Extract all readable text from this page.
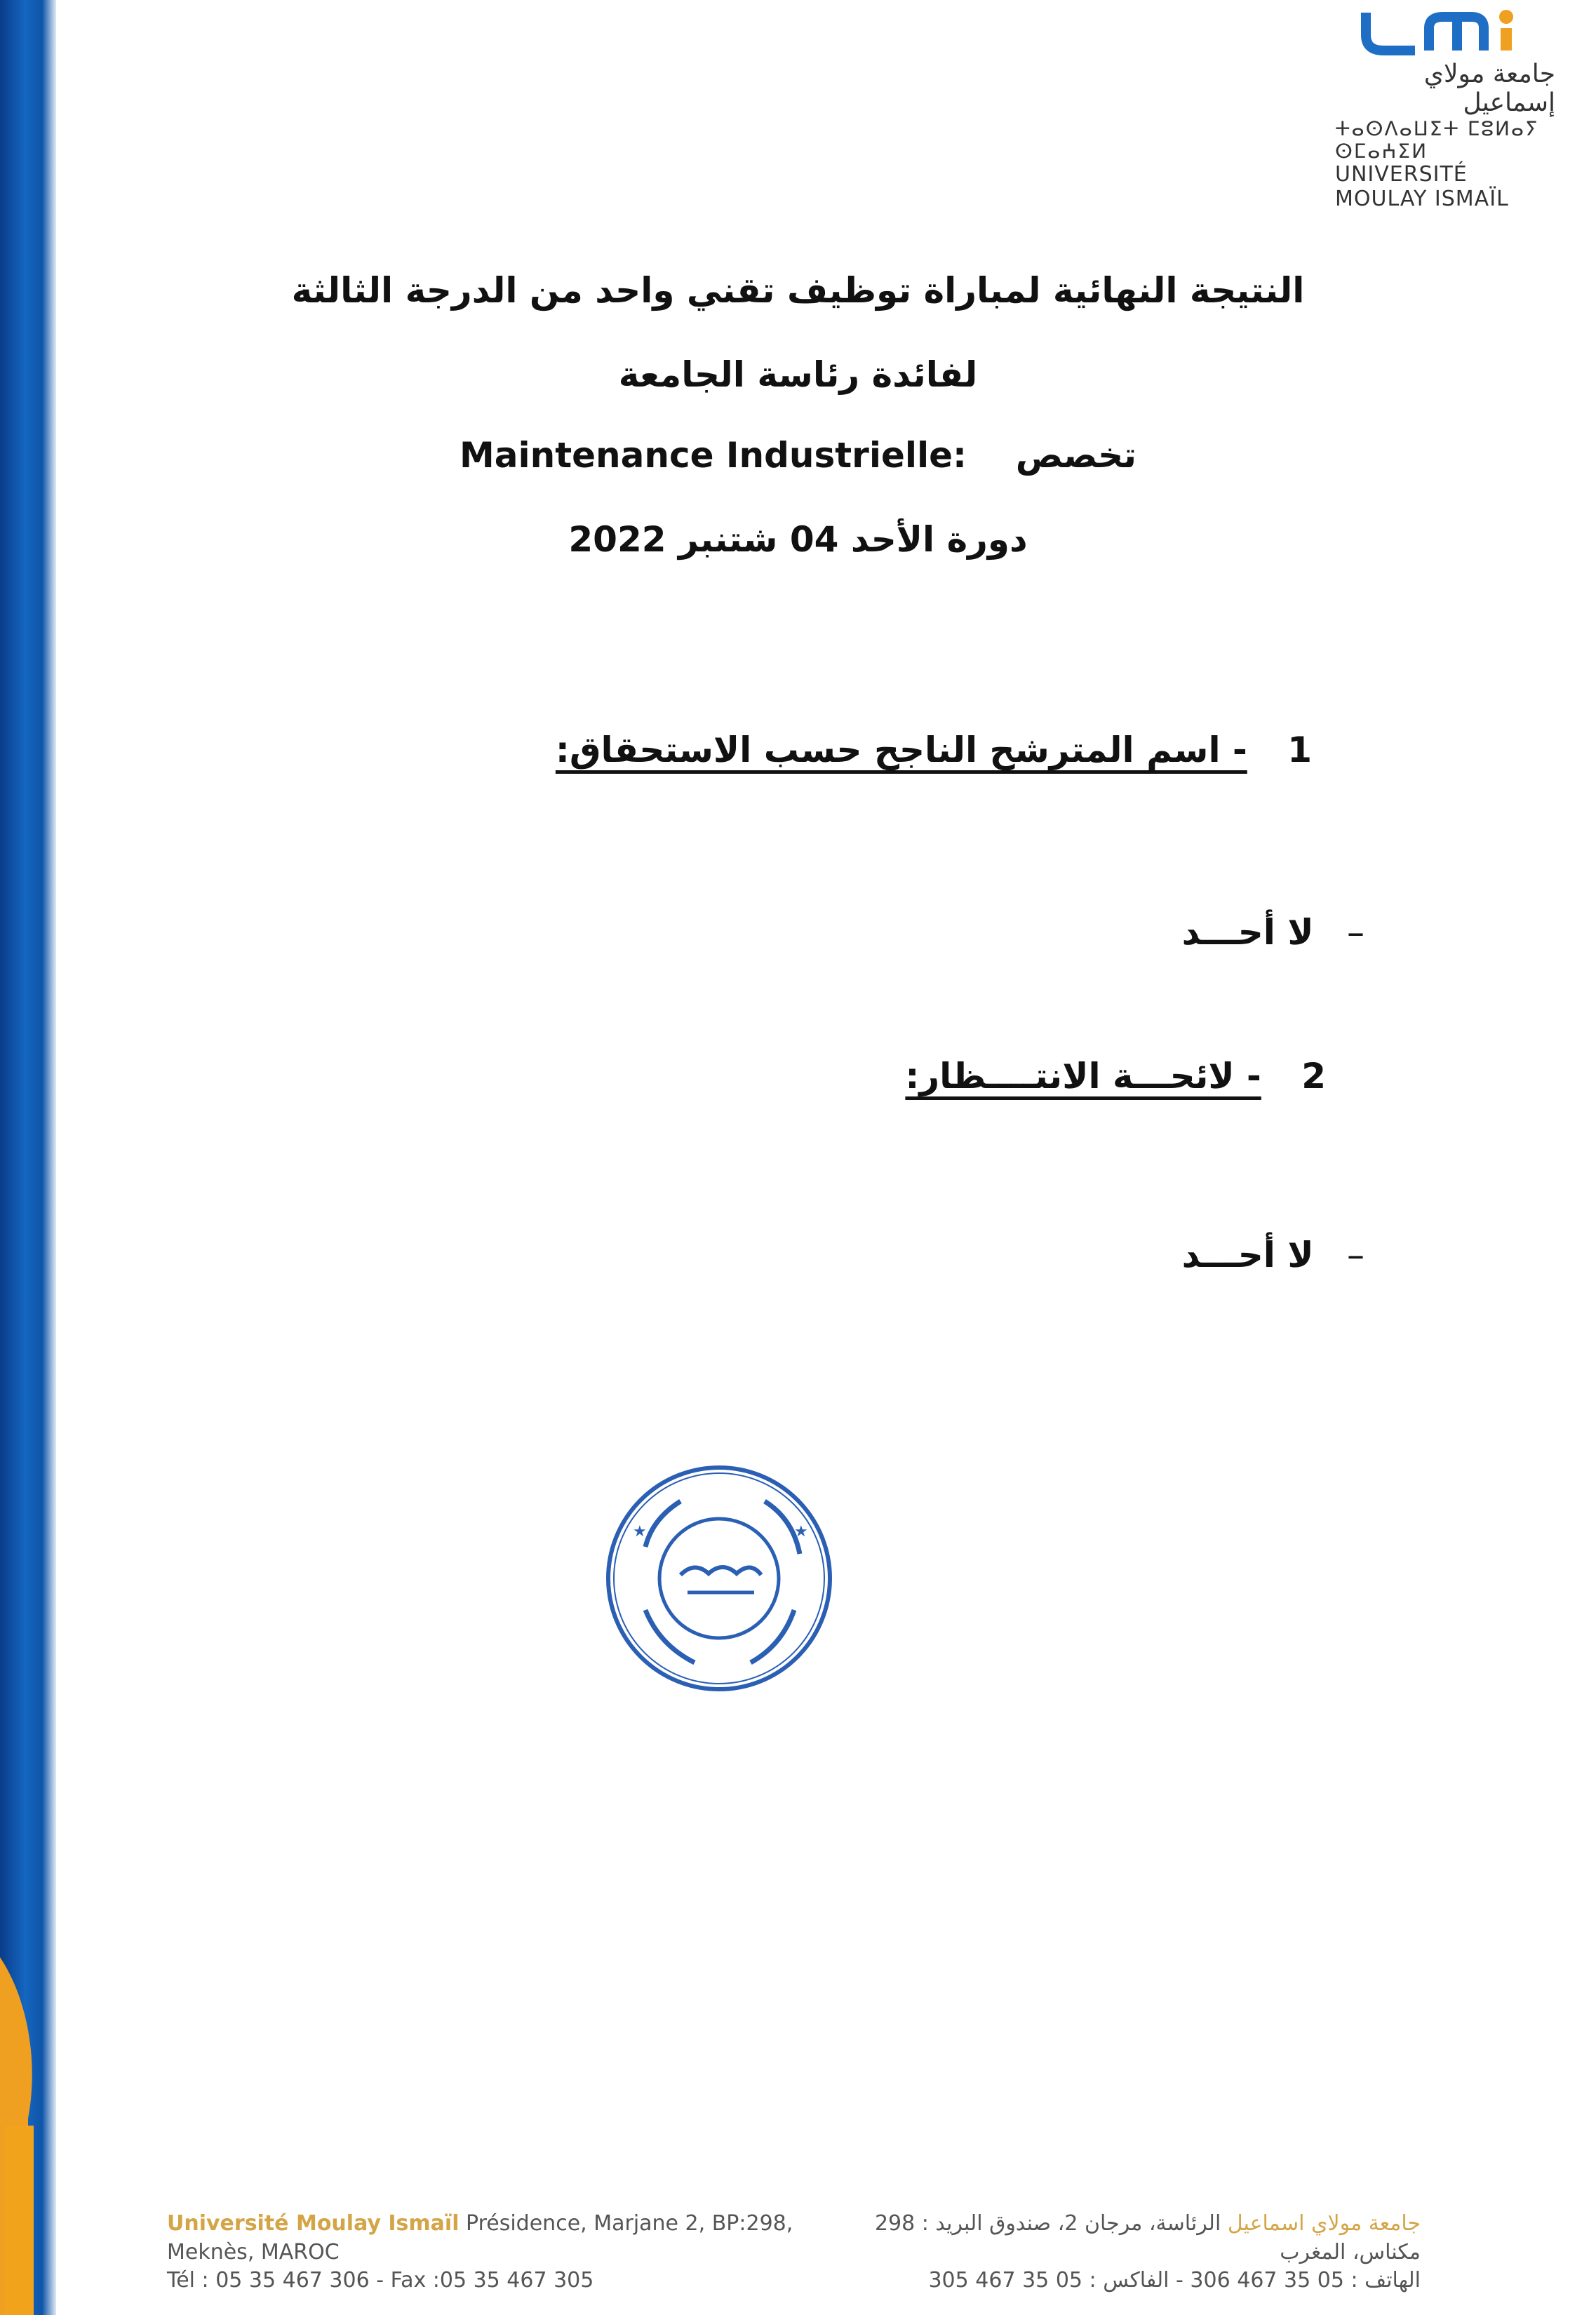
جامعة مولاي إسماعيل
ⵜⴰⵙⴷⴰⵡⵉⵜ ⵎⵓⵍⴰⵢ ⵙⵎⴰⵄⵉⵍ
UNIVERSITÉ MOULAY ISMAÏL
النتيجة النهائية لمباراة توظيف تقني واحد من الدرجة الثالثة
لفائدة رئاسة الجامعة
تخصص    Maintenance Industrielle:
دورة الأحد 04 شتنبر 2022
1 - اسم المترشح الناجح حسب الاستحقاق:
– لا أحـــد
2 - لائحـــة الانتــــظار:
– لا أحـــد
★	★
Université Moulay Ismaïl Présidence, Marjane 2, BP:298,
Meknès, MAROC
Tél : 05 35 467 306 - Fax :05 35 467 305
جامعة مولاي اسماعيل الرئاسة، مرجان 2، صندوق البريد : 298
مكناس، المغرب
الهاتف : 05 35 467 306 - الفاكس : 05 35 467 305
